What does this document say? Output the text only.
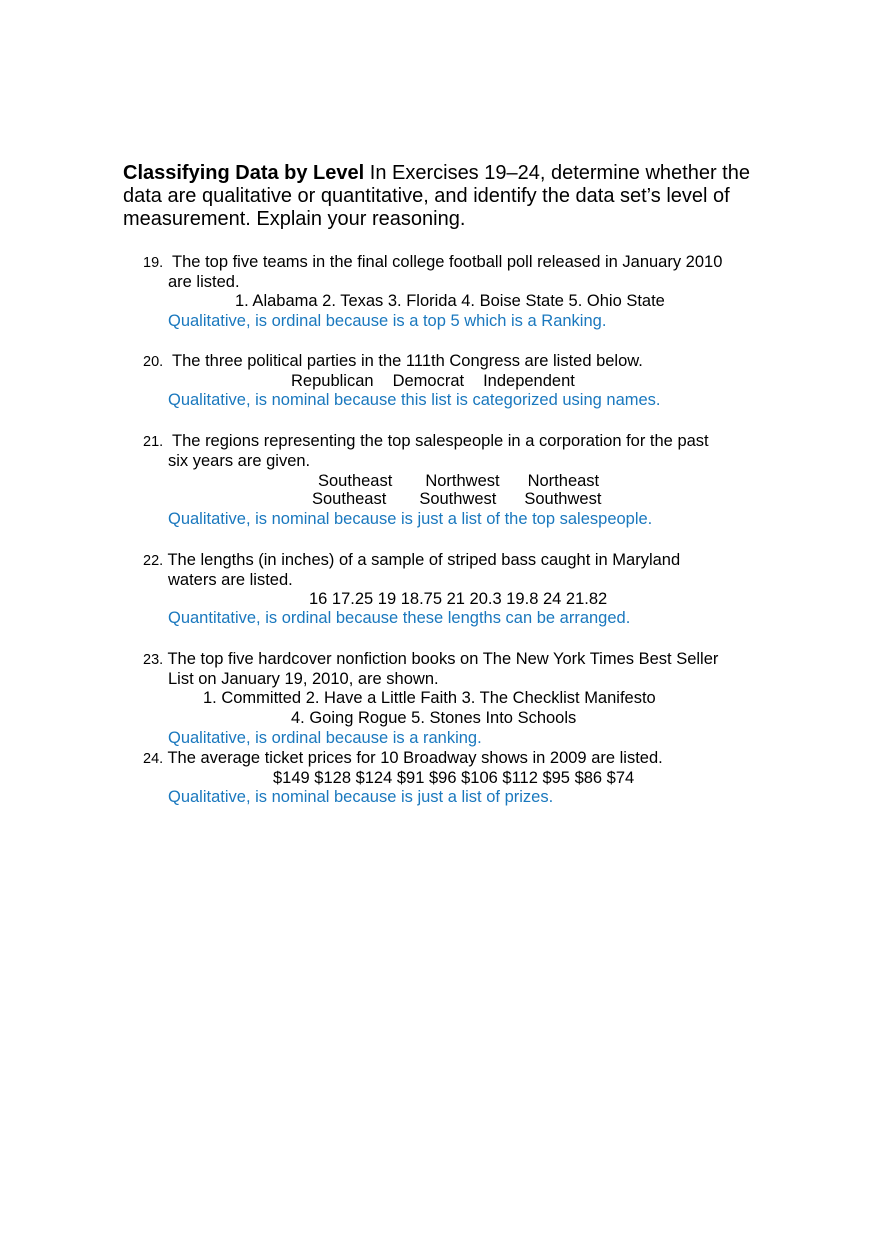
Classifying Data by Level In Exercises 19–24, determine whether the data are qualitative or quantitative, and identify the data set’s level of measurement. Explain your reasoning.
19. The top five teams in the final college football poll released in January 2010
are listed.
1. Alabama 2. Texas 3. Florida 4. Boise State 5. Ohio State
Qualitative, is ordinal because is a top 5 which is a Ranking.
20. The three political parties in the 111th Congress are listed below.
Republican Democrat Independent
Qualitative, is nominal because this list is categorized using names.
21. The regions representing the top salespeople in a corporation for the past
six years are given.
Southeast Northwest Northeast
Southeast Southwest Southwest
Qualitative, is nominal because is just a list of the top salespeople.
22. The lengths (in inches) of a sample of striped bass caught in Maryland
waters are listed.
16 17.25 19 18.75 21 20.3 19.8 24 21.82
Quantitative, is ordinal because these lengths can be arranged.
23. The top five hardcover nonfiction books on The New York Times Best Seller
List on January 19, 2010, are shown.
1. Committed 2. Have a Little Faith 3. The Checklist Manifesto
4. Going Rogue 5. Stones Into Schools
Qualitative, is ordinal because is a ranking.
24. The average ticket prices for 10 Broadway shows in 2009 are listed.
$149 $128 $124 $91 $96 $106 $112 $95 $86 $74
Qualitative, is nominal because is just a list of prizes.
